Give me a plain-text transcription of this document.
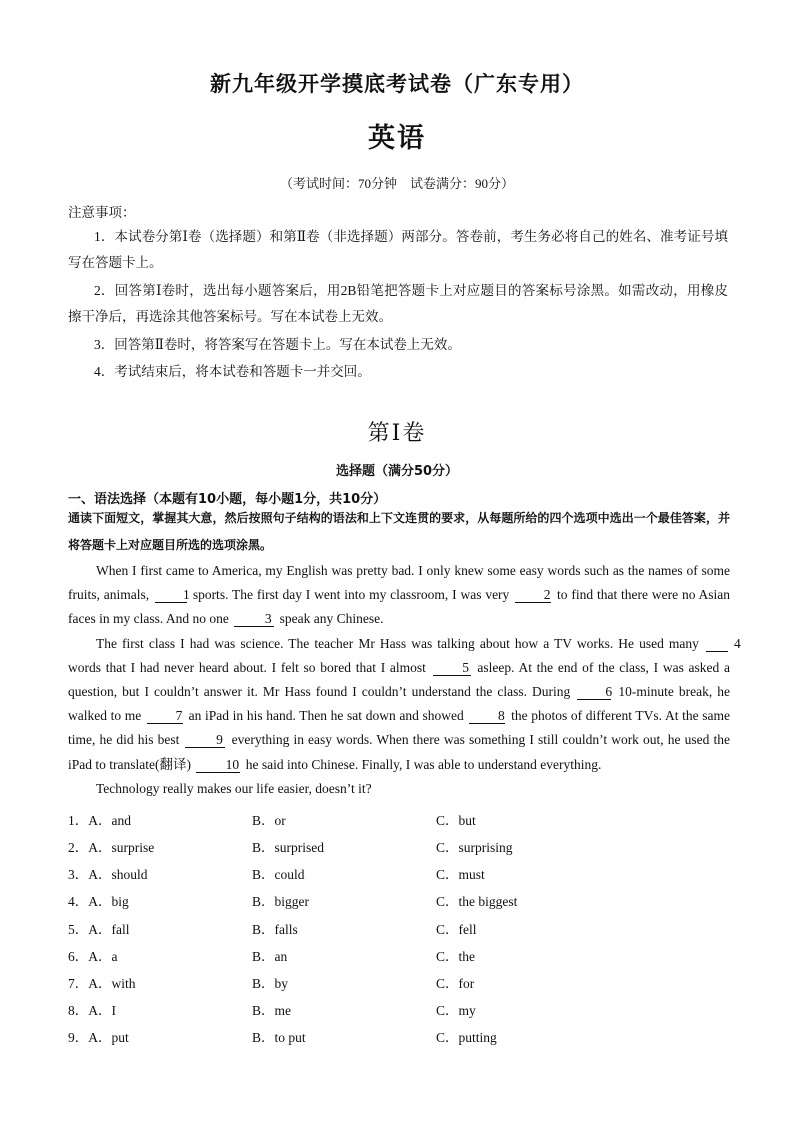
新九年级开学摸底考试卷（广东专用）
英语
（考试时间：70分钟　试卷满分：90分）
注意事项：
1．本试卷分第Ⅰ卷（选择题）和第Ⅱ卷（非选择题）两部分。答卷前，考生务必将自己的姓名、准考证号填写在答题卡上。
2．回答第Ⅰ卷时，选出每小题答案后，用2B铅笔把答题卡上对应题目的答案标号涂黑。如需改动，用橡皮擦干净后，再选涂其他答案标号。写在本试卷上无效。
3．回答第Ⅱ卷时，将答案写在答题卡上。写在本试卷上无效。
4．考试结束后，将本试卷和答题卡一并交回。
第Ⅰ卷
选择题（满分50分）
一、语法选择（本题有10小题，每小题1分，共10分）
通读下面短文，掌握其大意，然后按照句子结构的语法和上下文连贯的要求，从每题所给的四个选项中选出一个最佳答案，并将答题卡上对应题目所选的选项涂黑。

When I first came to America, my English was pretty bad. I only knew some easy words such as the names of some fruits, animals,	1 sports. The first day I went into my classroom, I was very	2 to find that there were no Asian faces in my class. And no one	3 speak any Chinese.

The first class I had was science. The teacher Mr Hass was talking about how a TV works. He used many	4 words that I had never heard about. I felt so bored that I almost	5 asleep. At the end of the class, I was asked a question, but I couldn’t answer it. Mr Hass found I couldn’t understand the class. During	6 10-minute break, he walked to me	7 an iPad in his hand. Then he sat down and showed	8 the photos of different TVs. At the same time, he did his best	9 everything in easy words. When there was something I still couldn’t work out, he used the iPad to translate(翻译)	10 he said into Chinese. Finally, I was able to understand everything.

Technology really makes our life easier, doesn’t it?

1．A．and	B．or	C．but
2．A．surprise	B．surprised	C．surprising
3．A．should	B．could	C．must
4．A．big	B．bigger	C．the biggest
5．A．fall	B．falls	C．fell
6．A．a	B．an	C．the
7．A．with	B．by	C．for
8．A．I	B．me	C．my
9．A．put	B．to put	C．putting
